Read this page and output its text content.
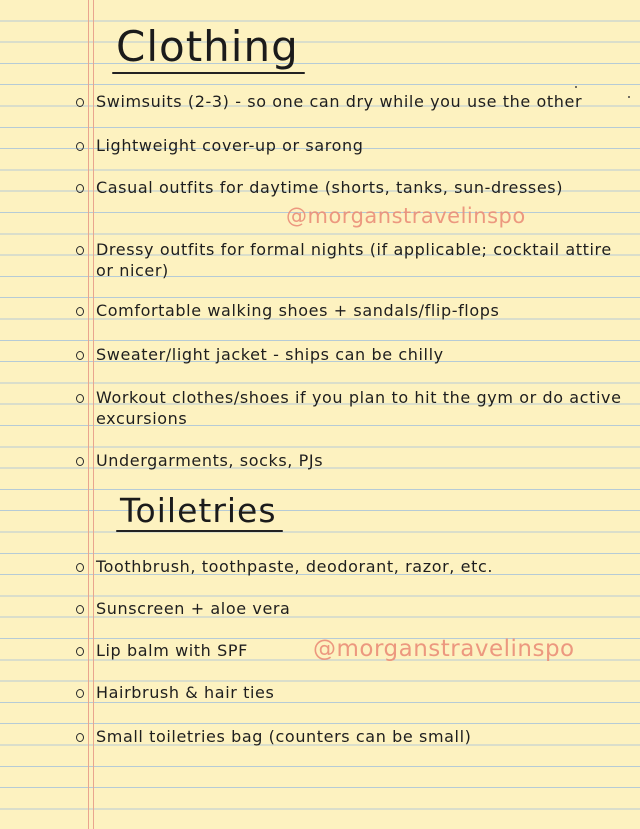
Clothing
Swimsuits (2-3) - so one can dry while you use the other
Lightweight cover-up or sarong
Casual outfits for daytime (shorts, tanks, sun-dresses)
Dressy outfits for formal nights (if applicable; cocktail attire or nicer)
Comfortable walking shoes + sandals/flip-flops
Sweater/light jacket - ships can be chilly
Workout clothes/shoes if you plan to hit the gym or do active excursions
Undergarments, socks, PJs
Toiletries
Toothbrush, toothpaste, deodorant, razor, etc.
Sunscreen + aloe vera
Lip balm with SPF
Hairbrush & hair ties
Small toiletries bag (counters can be small)
@morganstravelinspo
@morganstravelinspo
